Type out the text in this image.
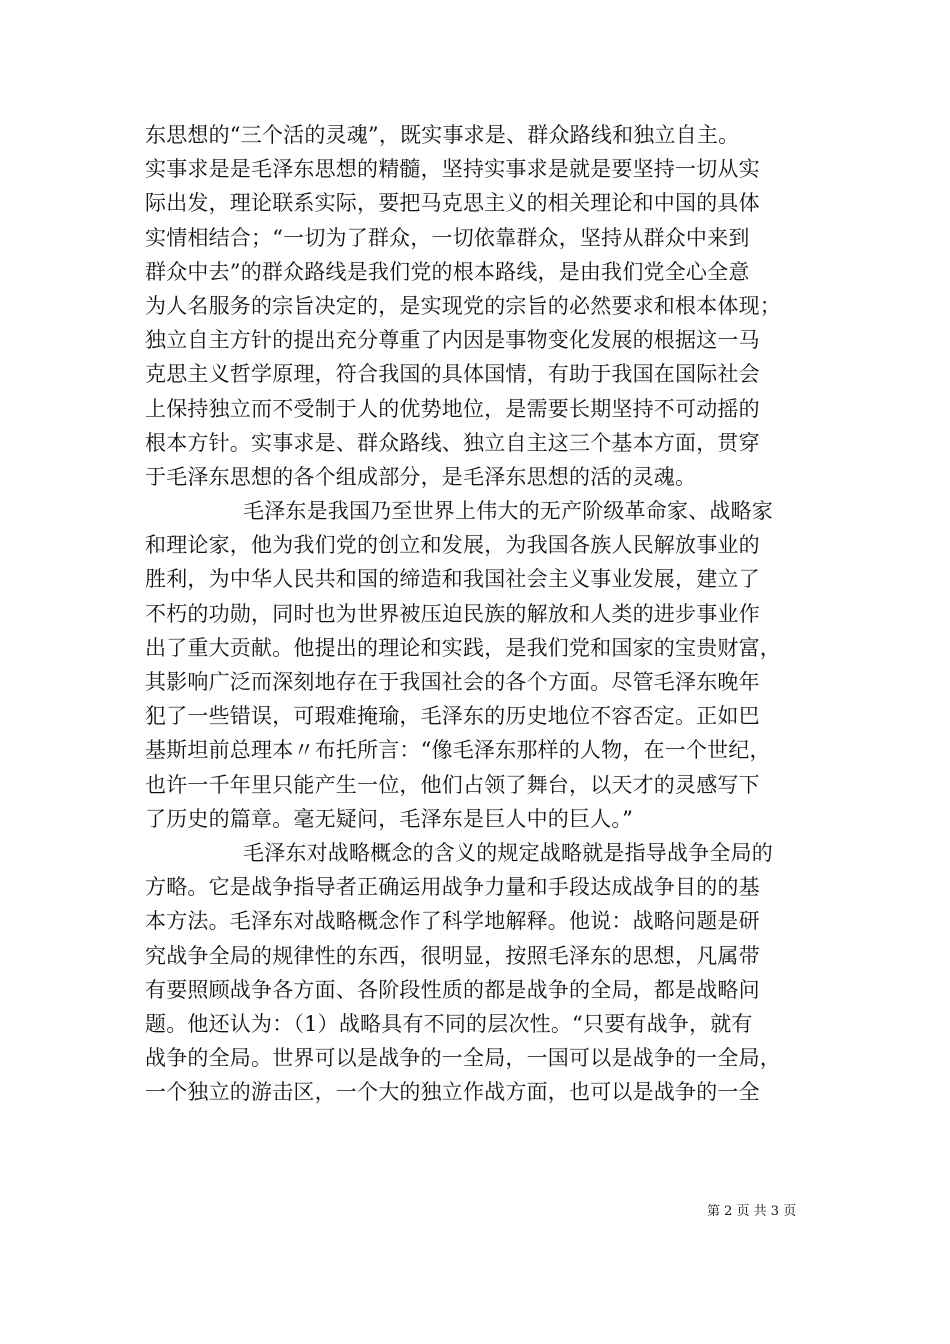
东思想的“三个活的灵魂”，既实事求是、群众路线和独立自主。
实事求是是毛泽东思想的精髓，坚持实事求是就是要坚持一切从实
际出发，理论联系实际，要把马克思主义的相关理论和中国的具体
实情相结合；“一切为了群众，一切依靠群众，坚持从群众中来到
群众中去”的群众路线是我们党的根本路线，是由我们党全心全意
为人名服务的宗旨决定的，是实现党的宗旨的必然要求和根本体现；
独立自主方针的提出充分尊重了内因是事物变化发展的根据这一马
克思主义哲学原理，符合我国的具体国情，有助于我国在国际社会
上保持独立而不受制于人的优势地位，是需要长期坚持不可动摇的
根本方针。实事求是、群众路线、独立自主这三个基本方面，贯穿
于毛泽东思想的各个组成部分，是毛泽东思想的活的灵魂。
毛泽东是我国乃至世界上伟大的无产阶级革命家、战略家
和理论家，他为我们党的创立和发展，为我国各族人民解放事业的
胜利，为中华人民共和国的缔造和我国社会主义事业发展，建立了
不朽的功勋，同时也为世界被压迫民族的解放和人类的进步事业作
出了重大贡献。他提出的理论和实践，是我们党和国家的宝贵财富，
其影响广泛而深刻地存在于我国社会的各个方面。尽管毛泽东晚年
犯了一些错误，可瑕难掩瑜，毛泽东的历史地位不容否定。正如巴
基斯坦前总理本〃布托所言：“像毛泽东那样的人物，在一个世纪，
也许一千年里只能产生一位，他们占领了舞台，以天才的灵感写下
了历史的篇章。毫无疑问，毛泽东是巨人中的巨人。”
毛泽东对战略概念的含义的规定战略就是指导战争全局的
方略。它是战争指导者正确运用战争力量和手段达成战争目的的基
本方法。毛泽东对战略概念作了科学地解释。他说：战略问题是研
究战争全局的规律性的东西，很明显，按照毛泽东的思想，凡属带
有要照顾战争各方面、各阶段性质的都是战争的全局，都是战略问
题。他还认为：（1）战略具有不同的层次性。“只要有战争，就有
战争的全局。世界可以是战争的一全局，一国可以是战争的一全局，
一个独立的游击区，一个大的独立作战方面，也可以是战争的一全
第 2 页 共 3 页
